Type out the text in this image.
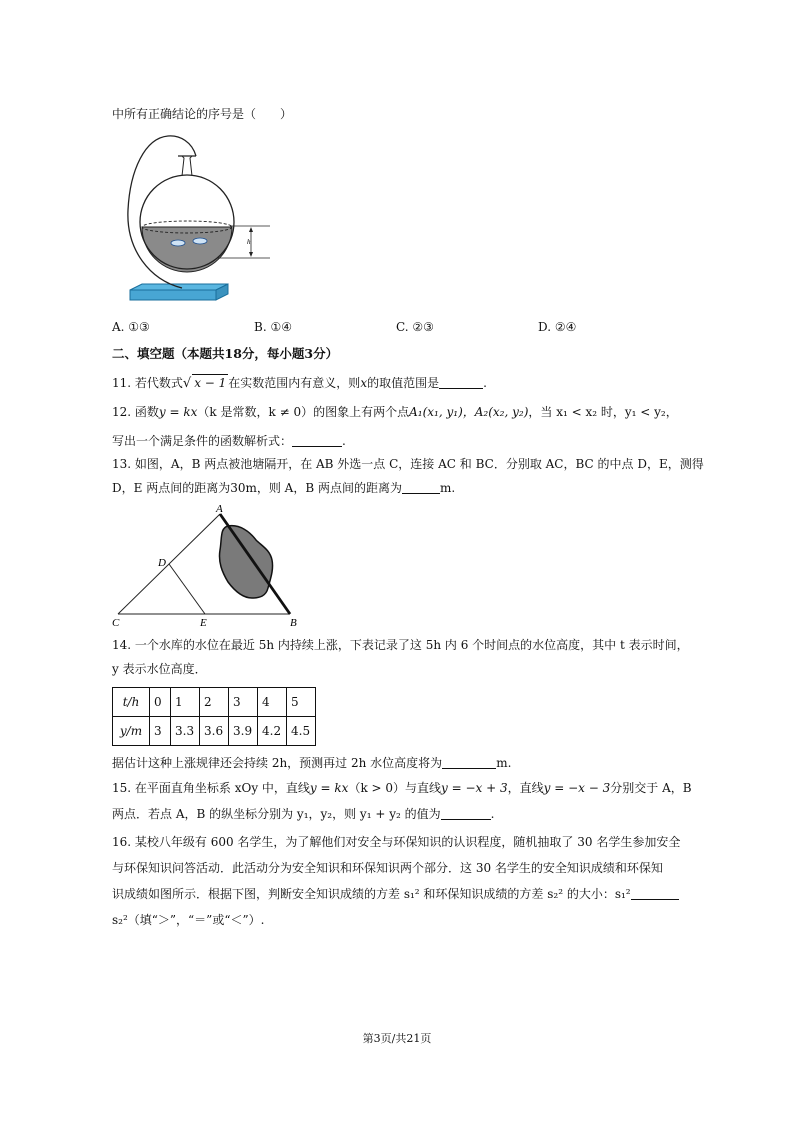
中所有正确结论的序号是（　　）
h
A. ①③	B. ①④	C. ②③	D. ②④
二、填空题（本题共18分，每小题3分）
11. 若代数式√ x − 1 在实数范围内有意义，则x的取值范围是	.
12. 函数y = kx（k 是常数，k ≠ 0）的图象上有两个点A₁(x₁, y₁)，A₂(x₂, y₂)，当 x₁ < x₂ 时，y₁ < y₂，
写出一个满足条件的函数解析式：	.
13. 如图，A，B 两点被池塘隔开，在 AB 外选一点 C，连接 AC 和 BC．分别取 AC，BC 的中点 D，E，测得
D，E 两点间的距离为30m，则 A，B 两点间的距离为	m.
A
B
C
D
E
14. 一个水库的水位在最近 5h 内持续上涨，下表记录了这 5h 内 6 个时间点的水位高度，其中 t 表示时间，
y 表示水位高度．
t/h	0	1	2	3	4	5
y/m	3	3.3	3.6	3.9	4.2	4.5
据估计这种上涨规律还会持续 2h，预测再过 2h 水位高度将为	m.
15. 在平面直角坐标系 xOy 中，直线y = kx（k > 0）与直线y = −x + 3，直线y = −x − 3分别交于 A，B
两点．若点 A，B 的纵坐标分别为 y₁，y₂，则 y₁ + y₂ 的值为	.
16. 某校八年级有 600 名学生，为了解他们对安全与环保知识的认识程度，随机抽取了 30 名学生参加安全
与环保知识问答活动．此活动分为安全知识和环保知识两个部分．这 30 名学生的安全知识成绩和环保知
识成绩如图所示．根据下图，判断安全知识成绩的方差 s₁² 和环保知识成绩的方差 s₂² 的大小：s₁²
s₂²（填“＞”，“＝”或“＜”）.
第3页/共21页
